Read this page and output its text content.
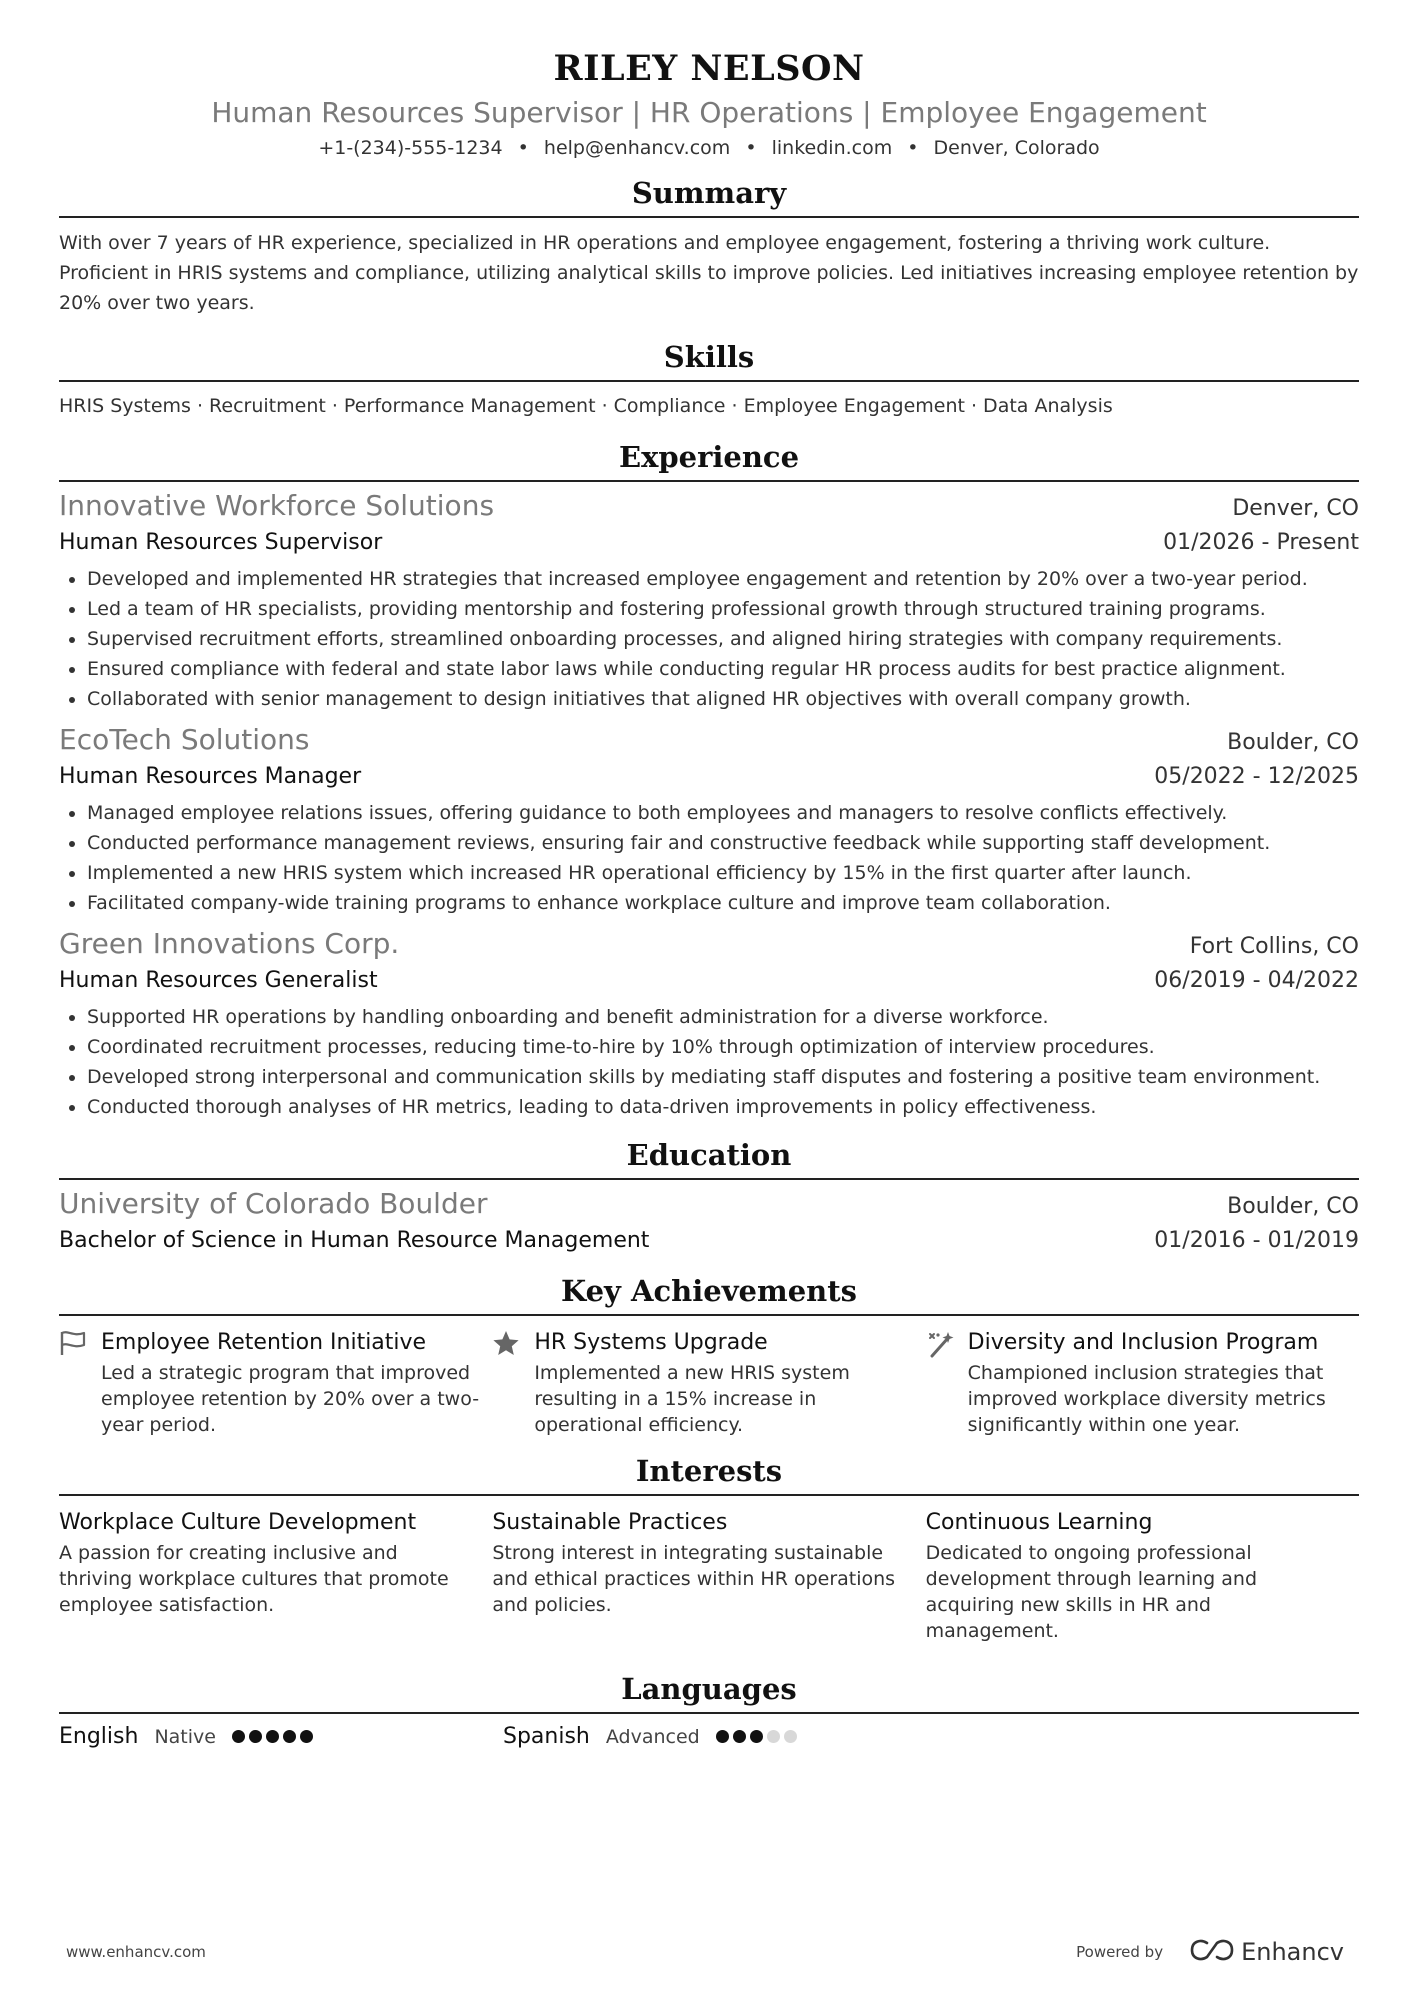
RILEY NELSON
Human Resources Supervisor | HR Operations | Employee Engagement
+1-(234)-555-1234 • help@enhancv.com • linkedin.com • Denver, Colorado
Summary
With over 7 years of HR experience, specialized in HR operations and employee engagement, fostering a thriving work culture. Proficient in HRIS systems and compliance, utilizing analytical skills to improve policies. Led initiatives increasing employee retention by 20% over two years.
Skills
HRIS Systems · Recruitment · Performance Management · Compliance · Employee Engagement · Data Analysis
Experience
Innovative Workforce Solutions	Denver, CO
Human Resources Supervisor	01/2026 - Present
• Developed and implemented HR strategies that increased employee engagement and retention by 20% over a two-year period.
• Led a team of HR specialists, providing mentorship and fostering professional growth through structured training programs.
• Supervised recruitment efforts, streamlined onboarding processes, and aligned hiring strategies with company requirements.
• Ensured compliance with federal and state labor laws while conducting regular HR process audits for best practice alignment.
• Collaborated with senior management to design initiatives that aligned HR objectives with overall company growth.
EcoTech Solutions	Boulder, CO
Human Resources Manager	05/2022 - 12/2025
• Managed employee relations issues, offering guidance to both employees and managers to resolve conflicts effectively.
• Conducted performance management reviews, ensuring fair and constructive feedback while supporting staff development.
• Implemented a new HRIS system which increased HR operational efficiency by 15% in the first quarter after launch.
• Facilitated company-wide training programs to enhance workplace culture and improve team collaboration.
Green Innovations Corp.	Fort Collins, CO
Human Resources Generalist	06/2019 - 04/2022
• Supported HR operations by handling onboarding and benefit administration for a diverse workforce.
• Coordinated recruitment processes, reducing time-to-hire by 10% through optimization of interview procedures.
• Developed strong interpersonal and communication skills by mediating staff disputes and fostering a positive team environment.
• Conducted thorough analyses of HR metrics, leading to data-driven improvements in policy effectiveness.
Education
University of Colorado Boulder	Boulder, CO
Bachelor of Science in Human Resource Management	01/2016 - 01/2019
Key Achievements
Employee Retention Initiative
Led a strategic program that improved employee retention by 20% over a two-year period.
HR Systems Upgrade
Implemented a new HRIS system resulting in a 15% increase in operational efficiency.
Diversity and Inclusion Program
Championed inclusion strategies that improved workplace diversity metrics significantly within one year.
Interests
Workplace Culture Development
A passion for creating inclusive and thriving workplace cultures that promote employee satisfaction.
Sustainable Practices
Strong interest in integrating sustainable and ethical practices within HR operations and policies.
Continuous Learning
Dedicated to ongoing professional development through learning and acquiring new skills in HR and management.
Languages
English Native	Spanish Advanced
www.enhancv.com	Powered by	Enhancv
